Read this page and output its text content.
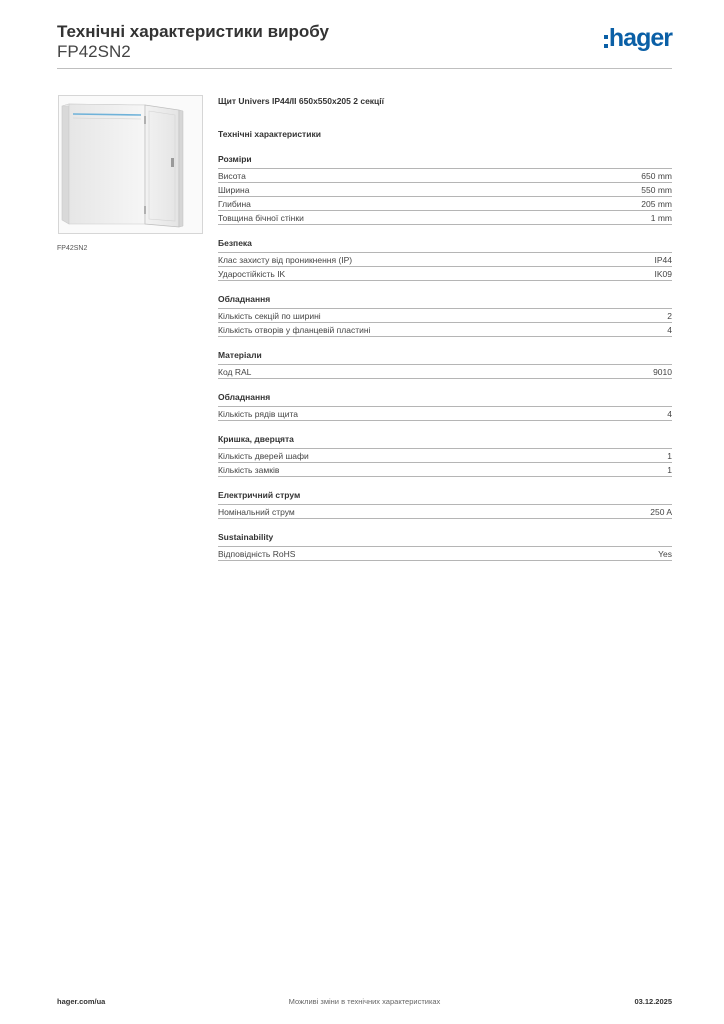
Технічні характеристики виробу
FP42SN2	hager
FP42SN2
Щит Univers IP44/II 650x550x205 2 секції
Технічні характеристики
Розміри
Висота	650 mm
Ширина	550 mm
Глибина	205 mm
Товщина бічної стінки	1 mm
Безпека
Клас захисту від проникнення (IP)	IP44
Ударостійкість IK	IK09
Обладнання
Кількість секцій по ширині	2
Кількість отворів у фланцевій пластині	4
Матеріали
Код RAL	9010
Обладнання
Кількість рядів щита	4
Кришка, дверцята
Кількість дверей шафи	1
Кількість замків	1
Електричний струм
Номінальний струм	250 A
Sustainability
Відповідність RoHS	Yes
hager.com/ua	Можливі зміни в технічних характеристиках	03.12.2025
